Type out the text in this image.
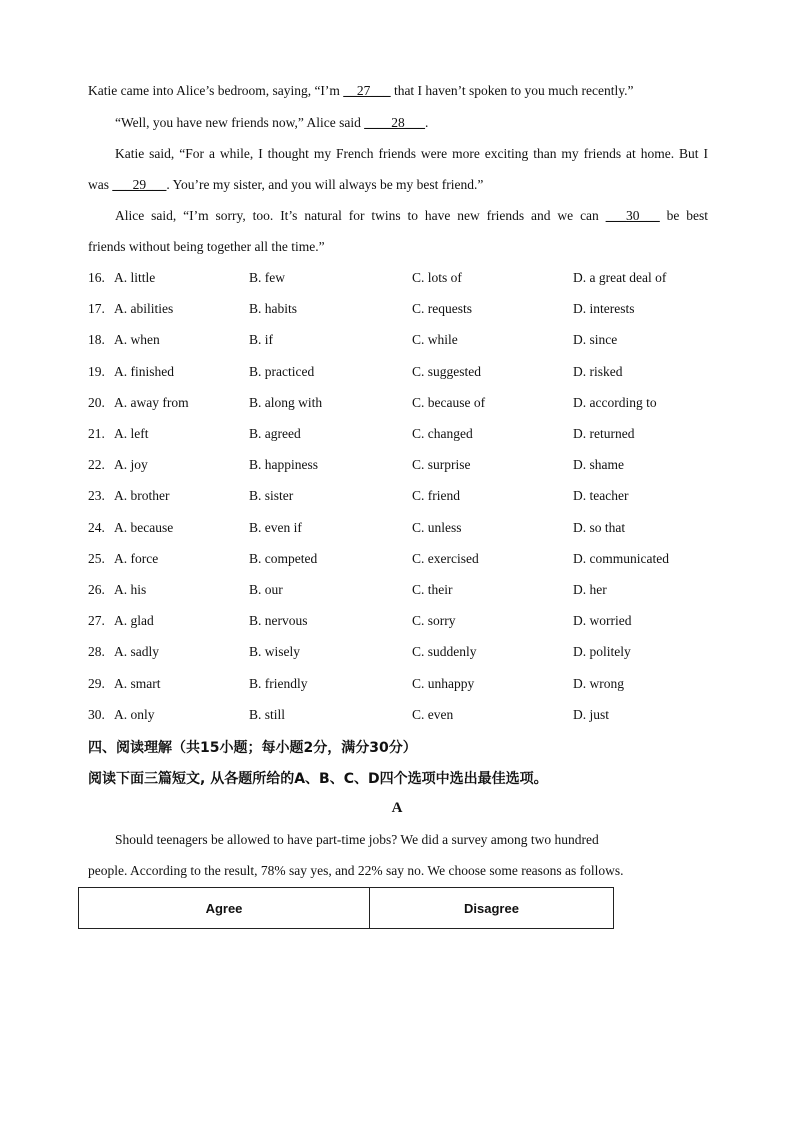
Katie came into Alice’s bedroom, saying, “I’m __27___ that I haven’t spoken to you much recently.”
“Well, you have new friends now,” Alice said ____28___.
Katie said, “For a while, I thought my French friends were more exciting than my friends at home. But I
was ___29___. You’re my sister, and you will always be my best friend.”
Alice said, “I’m sorry, too. It’s natural for twins to have new friends and we can ___30___ be best
friends without being together all the time.”
16. A. little	B. few	C. lots of	D. a great deal of
17. A. abilities	B. habits	C. requests	D. interests
18. A. when	B. if	C. while	D. since
19. A. finished	B. practiced	C. suggested	D. risked
20. A. away from	B. along with	C. because of	D. according to
21. A. left	B. agreed	C. changed	D. returned
22. A. joy	B. happiness	C. surprise	D. shame
23. A. brother	B. sister	C. friend	D. teacher
24. A. because	B. even if	C. unless	D. so that
25. A. force	B. competed	C. exercised	D. communicated
26. A. his	B. our	C. their	D. her
27. A. glad	B. nervous	C. sorry	D. worried
28. A. sadly	B. wisely	C. suddenly	D. politely
29. A. smart	B. friendly	C. unhappy	D. wrong
30. A. only	B. still	C. even	D. just
四、阅读理解（共15小题；每小题2分，满分30分）
阅读下面三篇短文, 从各题所给的A、B、C、D四个选项中选出最佳选项。
A
Should teenagers be allowed to have part-time jobs? We did a survey among two hundred
people. According to the result, 78% say yes, and 22% say no. We choose some reasons as follows.
Agree	Disagree
